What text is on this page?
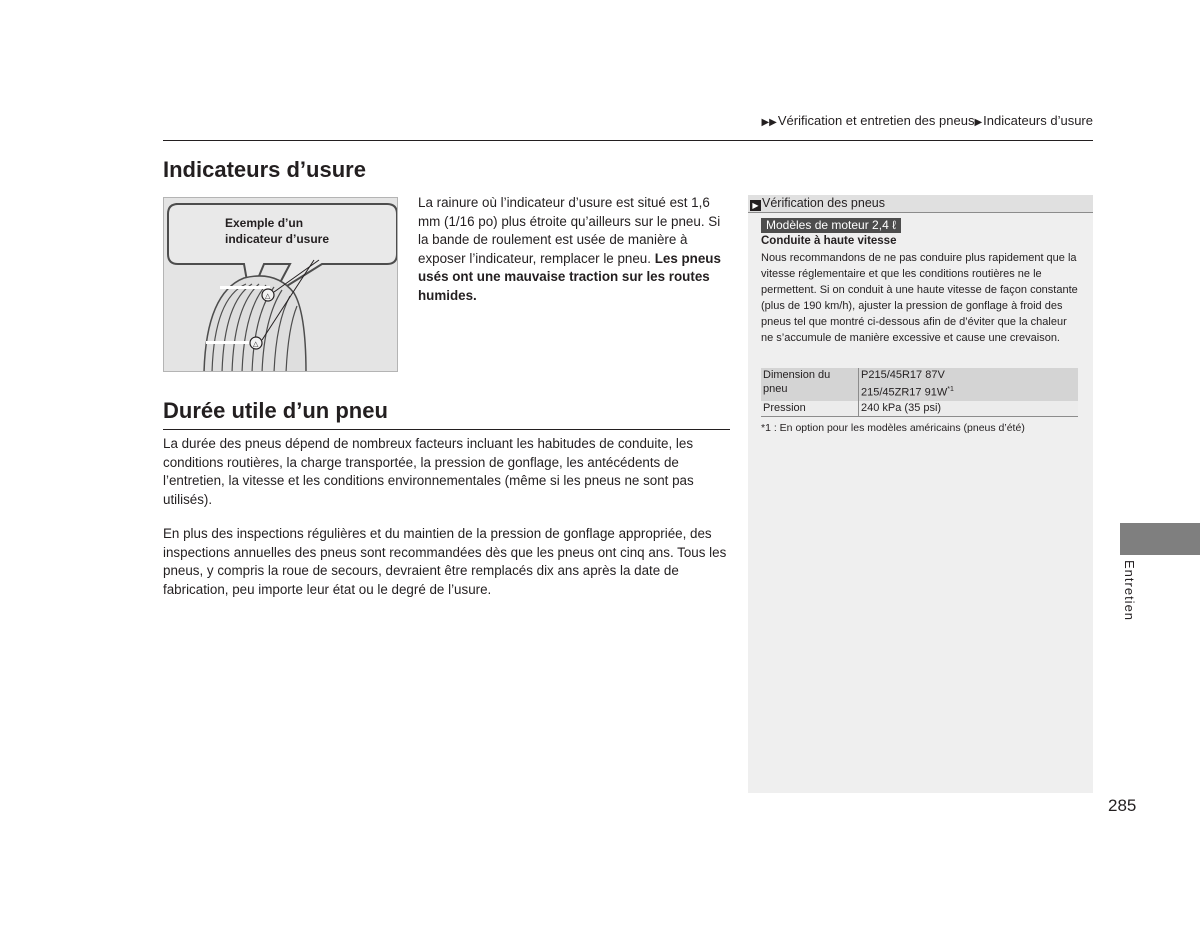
▶▶Vérification et entretien des pneus▶Indicateurs d’usure
Indicateurs d’usure
△
△
Exemple d’un
indicateur d’usure

La rainure où l’indicateur d’usure est situé est 1,6 mm (1/16 po) plus étroite qu’ailleurs sur le pneu. Si la bande de roulement est usée de manière à exposer l’indicateur, remplacer le pneu. Les pneus usés ont une mauvaise traction sur les routes humides.

Durée utile d’un pneu

La durée des pneus dépend de nombreux facteurs incluant les habitudes de conduite, les conditions routières, la charge transportée, la pression de gonflage, les antécédents de l’entretien, la vitesse et les conditions environnementales (même si les pneus ne sont pas utilisés).

En plus des inspections régulières et du maintien de la pression de gonflage appropriée, des inspections annuelles des pneus sont recommandées dès que les pneus ont cinq ans. Tous les pneus, y compris la roue de secours, devraient être remplacés dix ans après la date de fabrication, peu importe leur état ou le degré de l’usure.

▶ Vérification des pneus
Modèles de moteur 2,4 ℓ
Conduite à haute vitesse

Nous recommandons de ne pas conduire plus rapidement que la vitesse réglementaire et que les conditions routières ne le permettent. Si on conduit à une haute vitesse de façon constante (plus de 190 km/h), ajuster la pression de gonflage à froid des pneus tel que montré ci-dessous afin de d’éviter que la chaleur ne s’accumule de manière excessive et cause une crevaison.

Dimension du pneu	P215/45R17 87V
215/45ZR17 $91W^{*1}$
Pression	240 kPa (35 psi)
*1 : En option pour les modèles américains (pneus d’été)
Entretien
285
